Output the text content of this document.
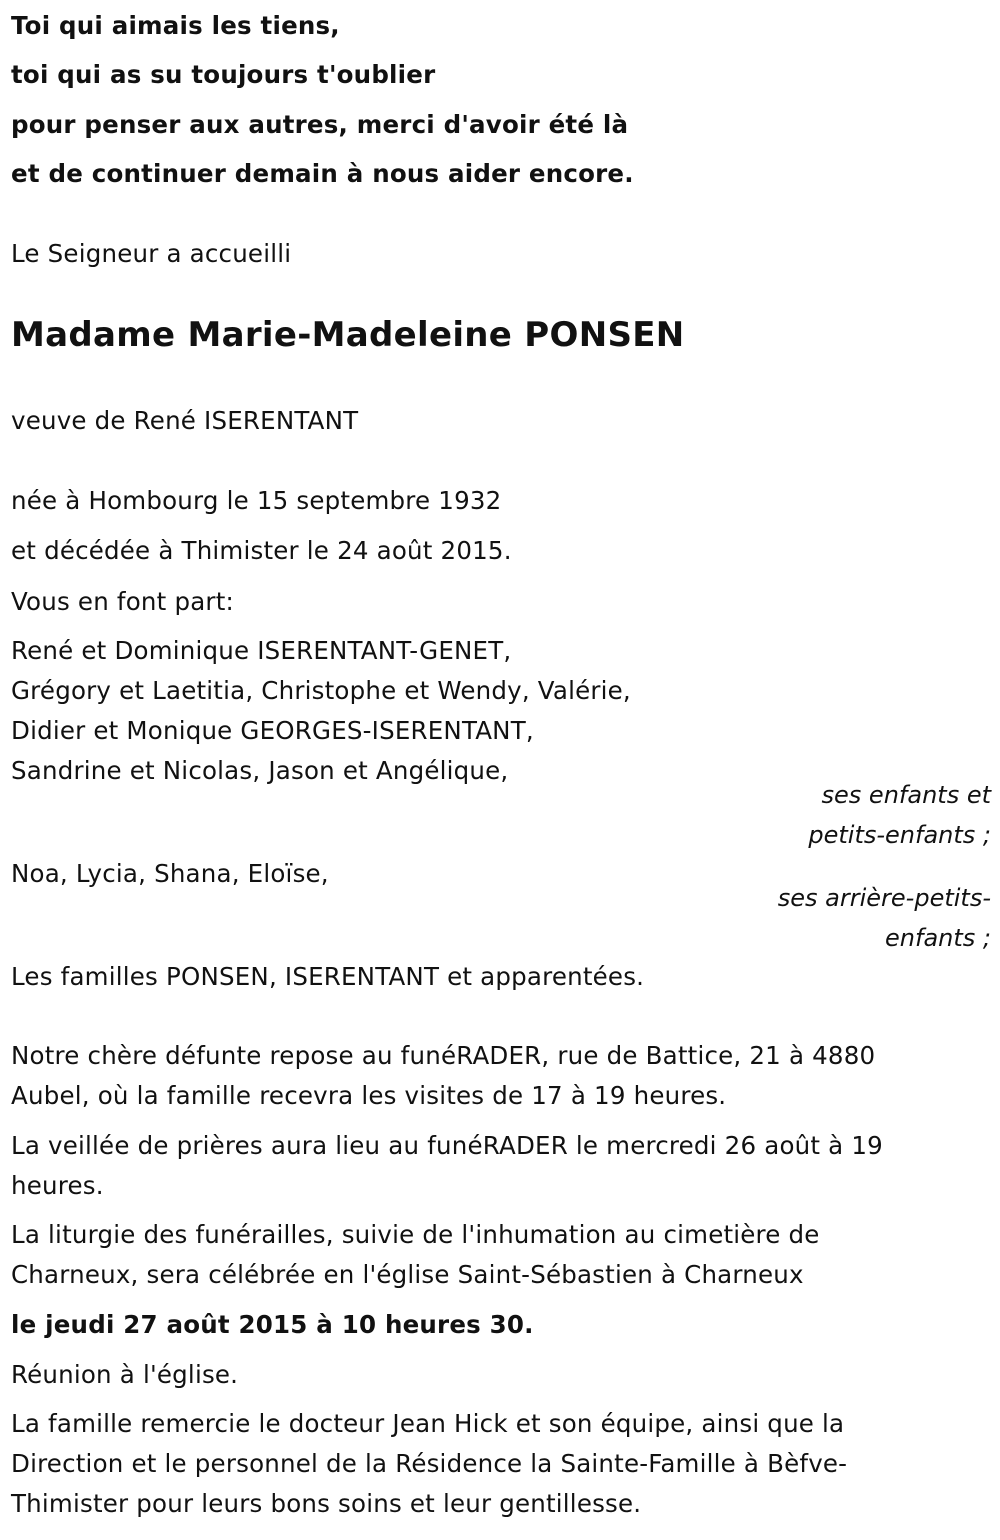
Toi qui aimais les tiens,
toi qui as su toujours t'oublier
pour penser aux autres, merci d'avoir été là
et de continuer demain à nous aider encore.
Le Seigneur a accueilli
Madame Marie-Madeleine PONSEN
veuve de René ISERENTANT
née à Hombourg le 15 septembre 1932
et décédée à Thimister le 24 août 2015.
Vous en font part:
René et Dominique ISERENTANT-GENET,
Grégory et Laetitia, Christophe et Wendy, Valérie,
Didier et Monique GEORGES-ISERENTANT,
Sandrine et Nicolas, Jason et Angélique,
ses enfants et
petits-enfants ;
Noa, Lycia, Shana, Eloïse,
ses arrière-petits-
enfants ;
Les familles PONSEN, ISERENTANT et apparentées.
Notre chère défunte repose au funéRADER, rue de Battice, 21 à 4880
Aubel, où la famille recevra les visites de 17 à 19 heures.
La veillée de prières aura lieu au funéRADER le mercredi 26 août à 19
heures.
La liturgie des funérailles, suivie de l'inhumation au cimetière de
Charneux, sera célébrée en l'église Saint-Sébastien à Charneux
le jeudi 27 août 2015 à 10 heures 30.
Réunion à l'église.
La famille remercie le docteur Jean Hick et son équipe, ainsi que la
Direction et le personnel de la Résidence la Sainte-Famille à Bèfve-
Thimister pour leurs bons soins et leur gentillesse.
